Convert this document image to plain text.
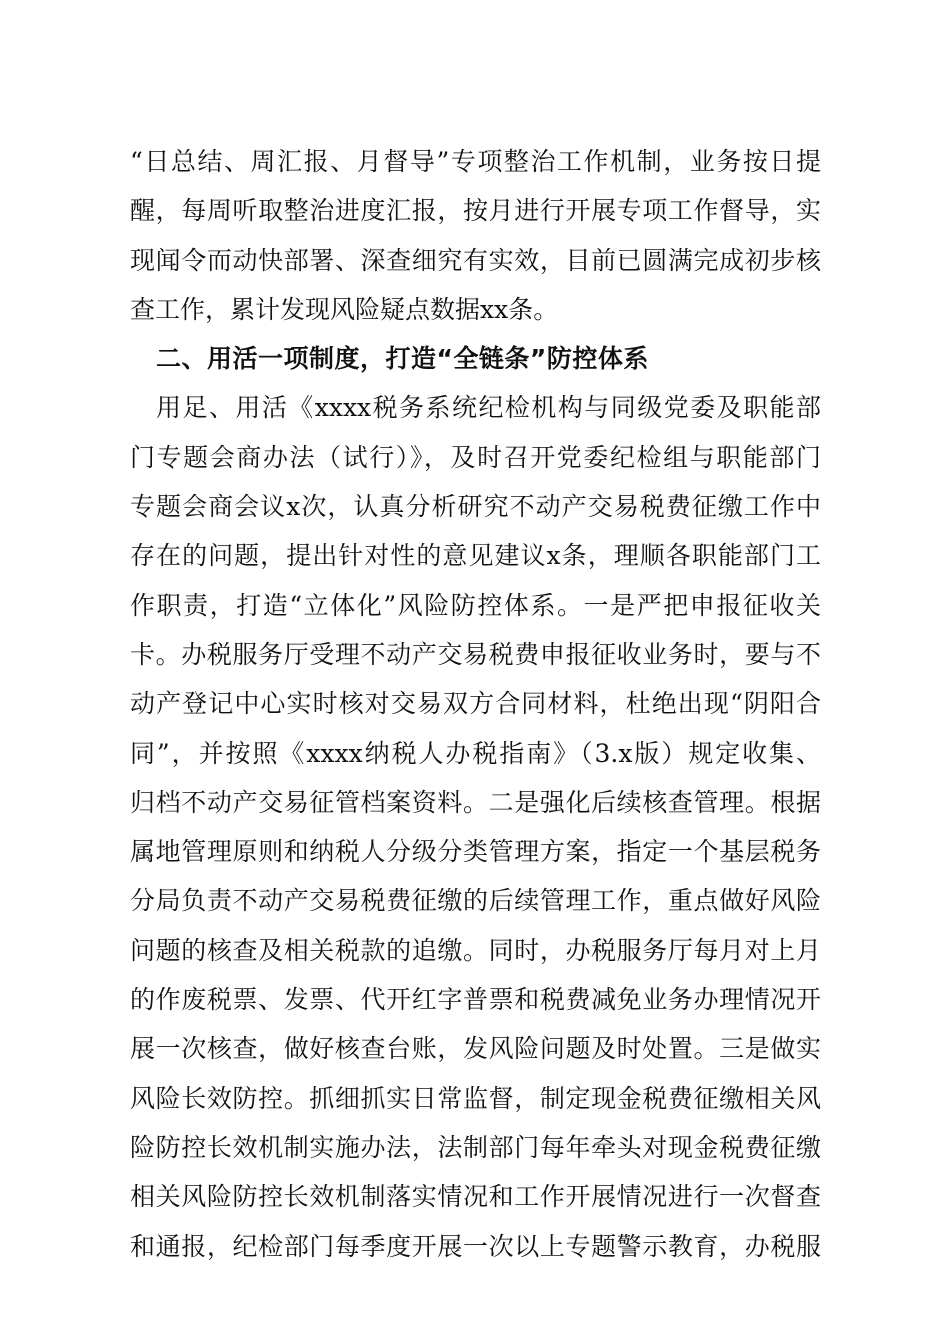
“日总结、周汇报、月督导”专项整治工作机制，业务按日提
醒，每周听取整治进度汇报，按月进行开展专项工作督导，实
现闻令而动快部署、深查细究有实效，目前已圆满完成初步核
查工作，累计发现风险疑点数据xx条。
二、用活一项制度，打造“全链条”防控体系
用足、用活《xxxx税务系统纪检机构与同级党委及职能部
门专题会商办法（试行）》，及时召开党委纪检组与职能部门
专题会商会议x次，认真分析研究不动产交易税费征缴工作中
存在的问题，提出针对性的意见建议x条，理顺各职能部门工
作职责，打造“立体化”风险防控体系。一是严把申报征收关
卡。办税服务厅受理不动产交易税费申报征收业务时，要与不
动产登记中心实时核对交易双方合同材料，杜绝出现“阴阳合
同”，并按照《xxxx纳税人办税指南》（3.x版）规定收集、
归档不动产交易征管档案资料。二是强化后续核查管理。根据
属地管理原则和纳税人分级分类管理方案，指定一个基层税务
分局负责不动产交易税费征缴的后续管理工作，重点做好风险
问题的核查及相关税款的追缴。同时，办税服务厅每月对上月
的作废税票、发票、代开红字普票和税费减免业务办理情况开
展一次核查，做好核查台账，发风险问题及时处置。三是做实
风险长效防控。抓细抓实日常监督，制定现金税费征缴相关风
险防控长效机制实施办法，法制部门每年牵头对现金税费征缴
相关风险防控长效机制落实情况和工作开展情况进行一次督查
和通报，纪检部门每季度开展一次以上专题警示教育，办税服
